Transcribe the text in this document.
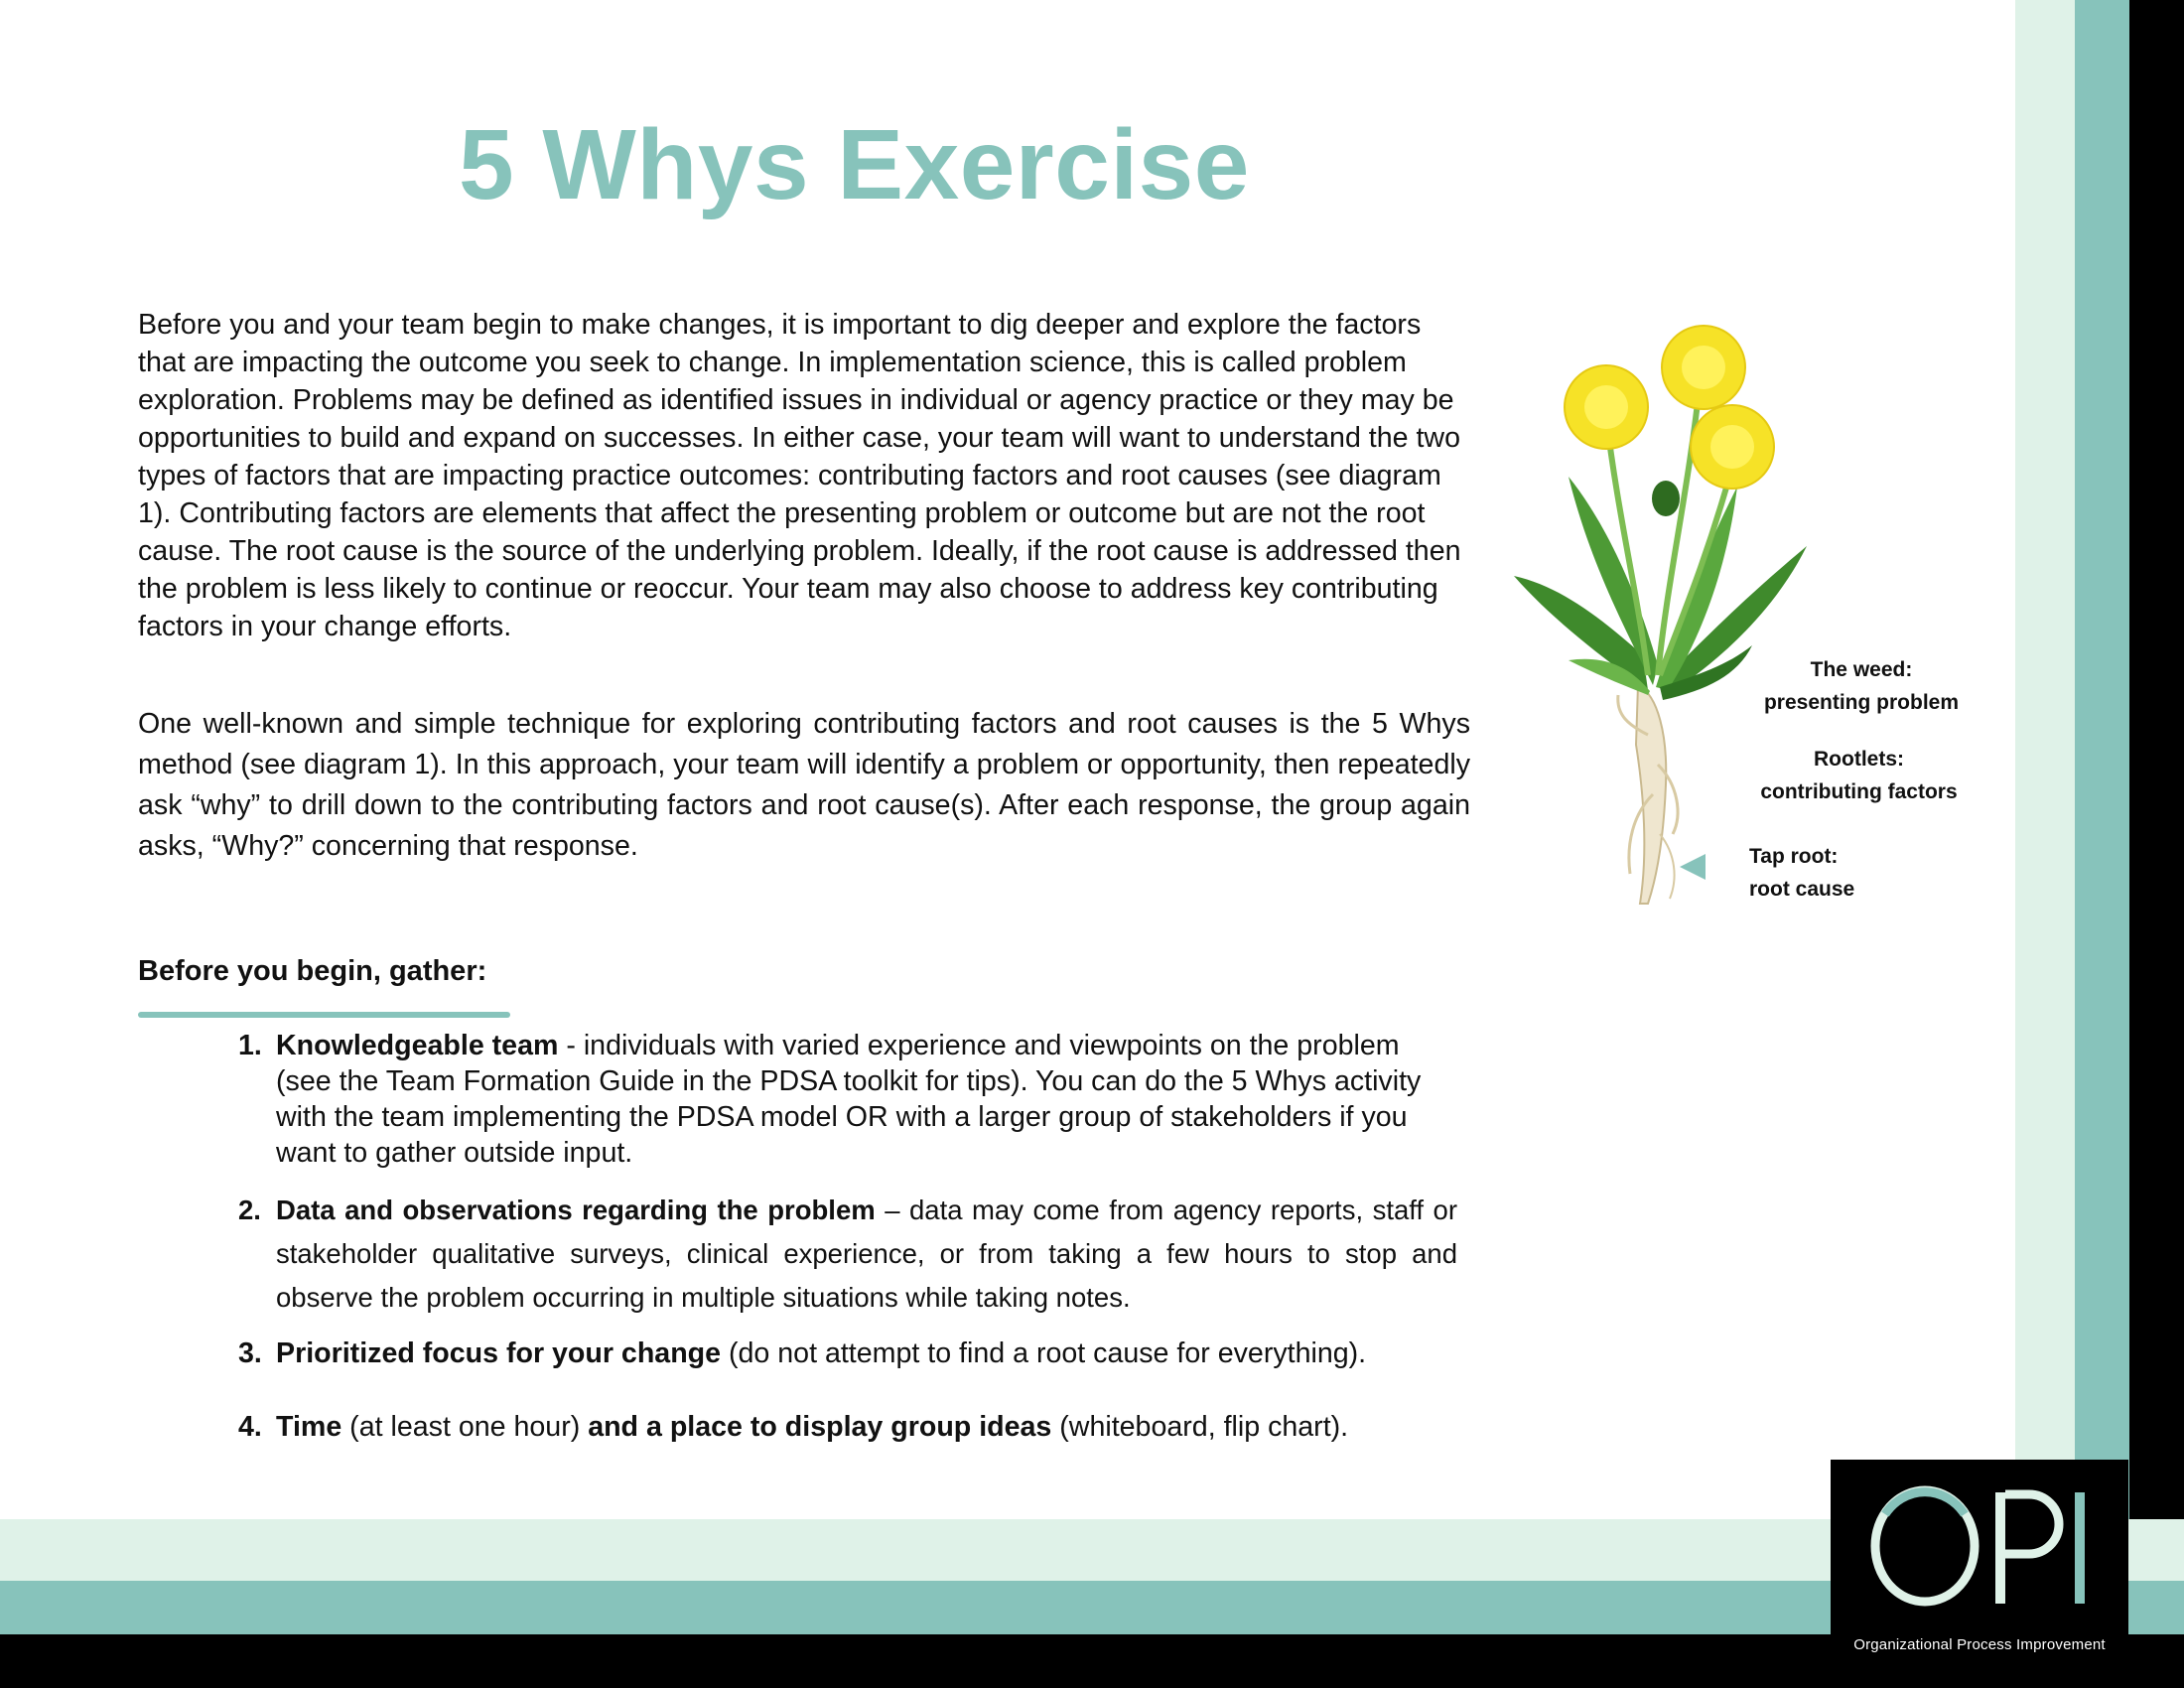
5 Whys Exercise

Before you and your team begin to make changes, it is important to dig deeper and explore the factors that are impacting the outcome you seek to change. In implementation science, this is called problem exploration. Problems may be defined as identified issues in individual or agency practice or they may be opportunities to build and expand on successes. In either case, your team will want to understand the two types of factors that are impacting practice outcomes: contributing factors and root causes (see diagram 1). Contributing factors are elements that affect the presenting problem or outcome but are not the root cause. The root cause is the source of the underlying problem. Ideally, if the root cause is addressed then the problem is less likely to continue or reoccur. Your team may also choose to address key contributing factors in your change efforts.

One well-known and simple technique for exploring contributing factors and root causes is the 5 Whys method (see diagram 1). In this approach, your team will identify a problem or opportunity, then repeatedly ask “why” to drill down to the contributing factors and root cause(s). After each response, the group again asks, “Why?” concerning that response.

The weed:
presenting problem

Rootlets:
contributing factors

Tap root:
root cause

Before you begin, gather:
1. Knowledgeable team - individuals with varied experience and viewpoints on the problem (see the Team Formation Guide in the PDSA toolkit for tips). You can do the 5 Whys activity with the team implementing the PDSA model OR with a larger group of stakeholders if you want to gather outside input.
2. Data and observations regarding the problem – data may come from agency reports, staff or stakeholder qualitative surveys, clinical experience, or from taking a few hours to stop and observe the problem occurring in multiple situations while taking notes.
3. Prioritized focus for your change (do not attempt to find a root cause for everything).
4. Time (at least one hour) and a place to display group ideas (whiteboard, flip chart).
Organizational Process Improvement
